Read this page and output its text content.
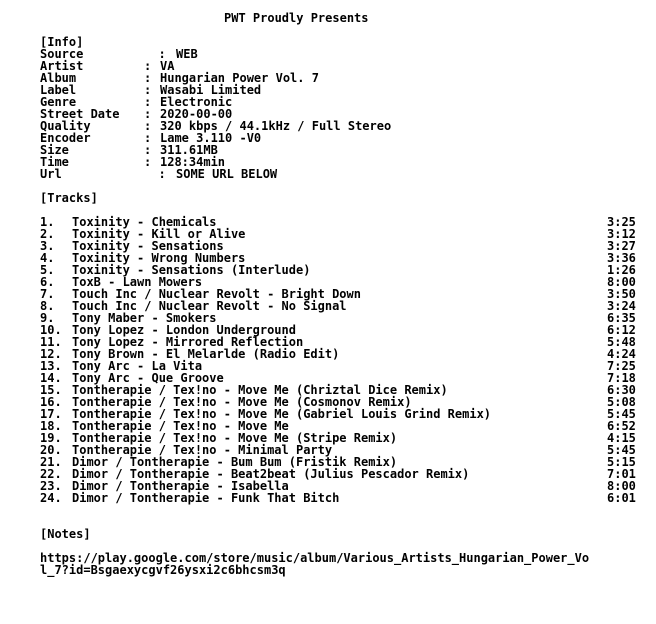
PWT Proudly Presents
[Info]
Source	: WEB
Artist	: VA
Album	: Hungarian Power Vol. 7
Label	: Wasabi Limited
Genre	: Electronic
Street Date : 2020-00-00
Quality	: 320 kbps / 44.1kHz / Full Stereo
Encoder	: Lame 3.110 -V0
Size	: 311.61MB
Time	: 128:34min
Url	: SOME URL BELOW
[Tracks]
1. Toxinity - Chemicals	3:25
2. Toxinity - Kill or Alive	3:12
3. Toxinity - Sensations	3:27
4. Toxinity - Wrong Numbers	3:36
5. Toxinity - Sensations (Interlude)	1:26
6. ToxB - Lawn Mowers	8:00
7. Touch Inc / Nuclear Revolt - Bright Down	3:50
8. Touch Inc / Nuclear Revolt - No Signal	3:24
9. Tony Maber - Smokers	6:35
10. Tony Lopez - London Underground	6:12
11. Tony Lopez - Mirrored Reflection	5:48
12. Tony Brown - El Melarlde (Radio Edit)	4:24
13. Tony Arc - La Vita	7:25
14. Tony Arc - Que Groove	7:18
15. Tontherapie / Tex!no - Move Me (Chriztal Dice Remix)	6:30
16. Tontherapie / Tex!no - Move Me (Cosmonov Remix)	5:08
17. Tontherapie / Tex!no - Move Me (Gabriel Louis Grind Remix)	5:45
18. Tontherapie / Tex!no - Move Me	6:52
19. Tontherapie / Tex!no - Move Me (Stripe Remix)	4:15
20. Tontherapie / Tex!no - Minimal Party	5:45
21. Dimor / Tontherapie - Bum Bum (Fristik Remix)	5:15
22. Dimor / Tontherapie - Beat2beat (Julius Pescador Remix)	7:01
23. Dimor / Tontherapie - Isabella	8:00
24. Dimor / Tontherapie - Funk That Bitch	6:01
[Notes]
https://play.google.com/store/music/album/Various_Artists_Hungarian_Power_Vo
l_7?id=Bsgaexycgvf26ysxi2c6bhcsm3q
